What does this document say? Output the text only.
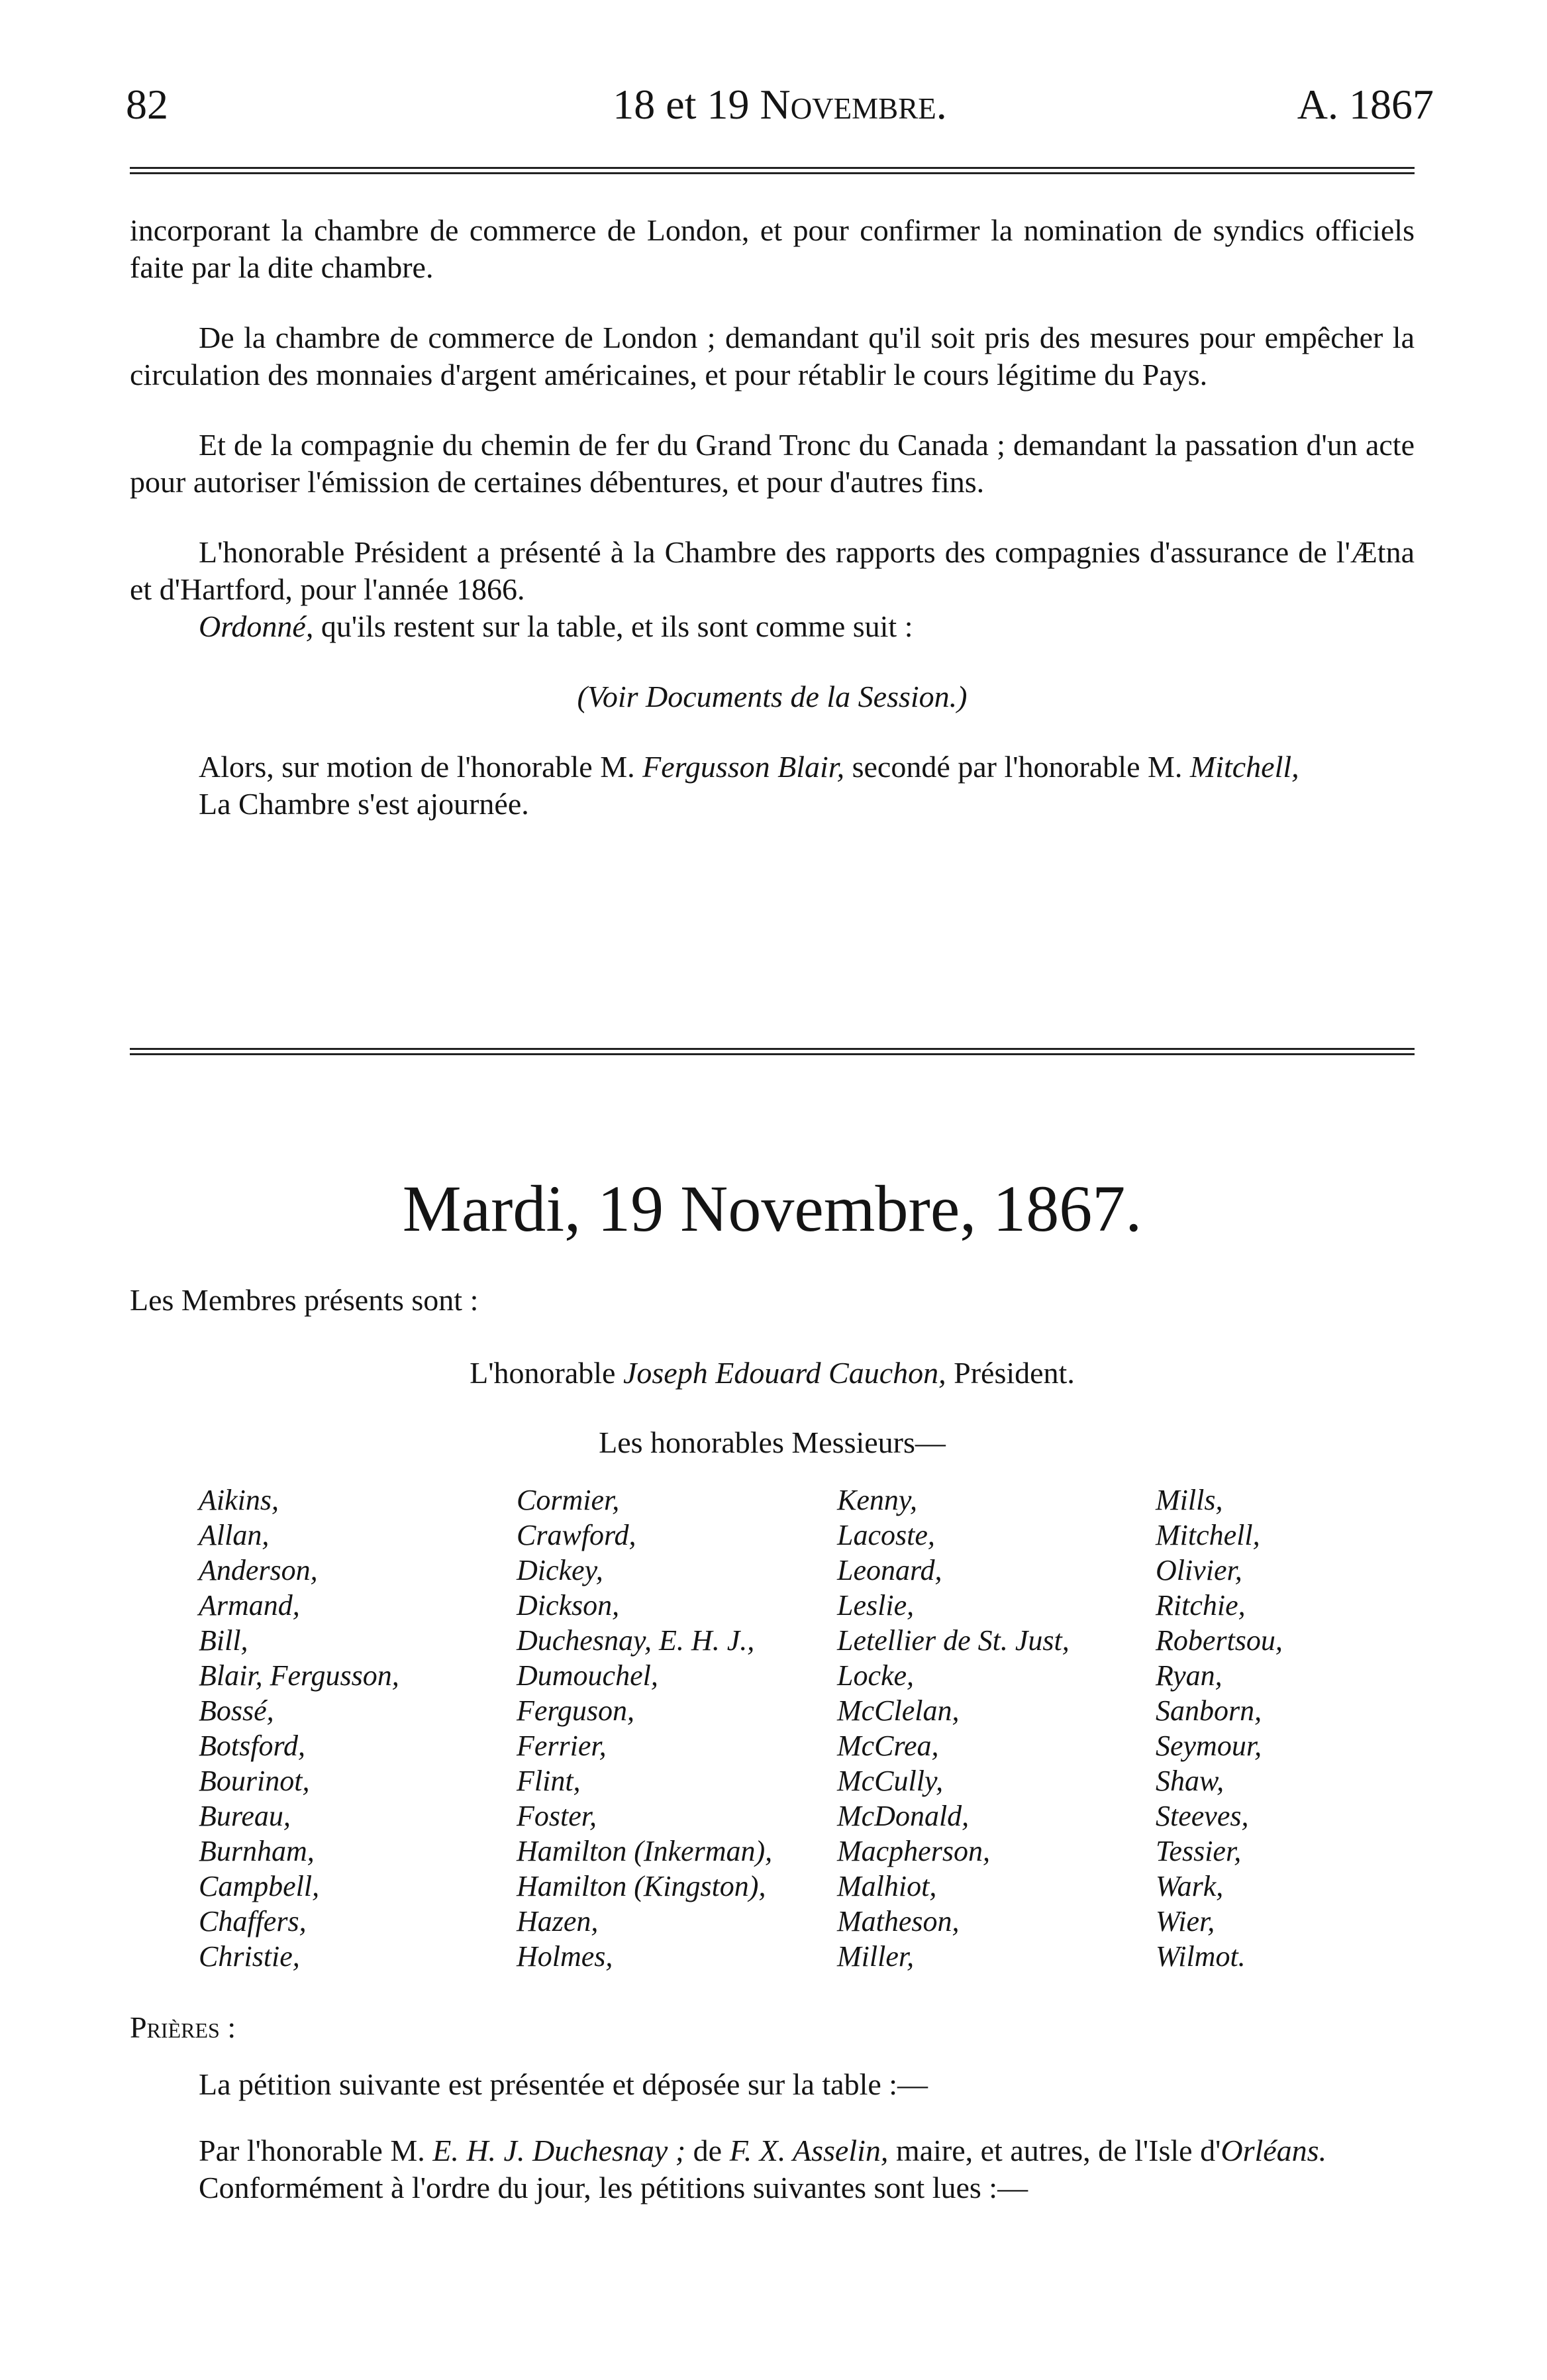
82	18 et 19 Novembre.	A. 1867

incorporant la chambre de commerce de London, et pour confirmer la nomination de syndics officiels faite par la dite chambre.

De la chambre de commerce de London ; demandant qu'il soit pris des mesures pour empêcher la circulation des monnaies d'argent américaines, et pour rétablir le cours légitime du Pays.

Et de la compagnie du chemin de fer du Grand Tronc du Canada ; demandant la passation d'un acte pour autoriser l'émission de certaines débentures, et pour d'autres fins.

L'honorable Président a présenté à la Chambre des rapports des compagnies d'assurance de l'Ætna et d'Hartford, pour l'année 1866.

Ordonné, qu'ils restent sur la table, et ils sont comme suit :

(Voir Documents de la Session.)

Alors, sur motion de l'honorable M. Fergusson Blair, secondé par l'honorable M. Mitchell,

La Chambre s'est ajournée.

Mardi, 19 Novembre, 1867.
Les Membres présents sont :
L'honorable Joseph Edouard Cauchon, Président.
Les honorables Messieurs—
Aikins,
Allan,
Anderson,
Armand,
Bill,
Blair, Fergusson,
Bossé,
Botsford,
Bourinot,
Bureau,
Burnham,
Campbell,
Chaffers,
Christie,
Cormier,
Crawford,
Dickey,
Dickson,
Duchesnay, E. H. J.,
Dumouchel,
Ferguson,
Ferrier,
Flint,
Foster,
Hamilton (Inkerman),
Hamilton (Kingston),
Hazen,
Holmes,
Kenny,
Lacoste,
Leonard,
Leslie,
Letellier de St. Just,
Locke,
McClelan,
McCrea,
McCully,
McDonald,
Macpherson,
Malhiot,
Matheson,
Miller,
Mills,
Mitchell,
Olivier,
Ritchie,
Robertsou,
Ryan,
Sanborn,
Seymour,
Shaw,
Steeves,
Tessier,
Wark,
Wier,
Wilmot.

Prières :

La pétition suivante est présentée et déposée sur la table :—

Par l'honorable M. E. H. J. Duchesnay ; de F. X. Asselin, maire, et autres, de l'Isle d'Orléans.

Conformément à l'ordre du jour, les pétitions suivantes sont lues :—
